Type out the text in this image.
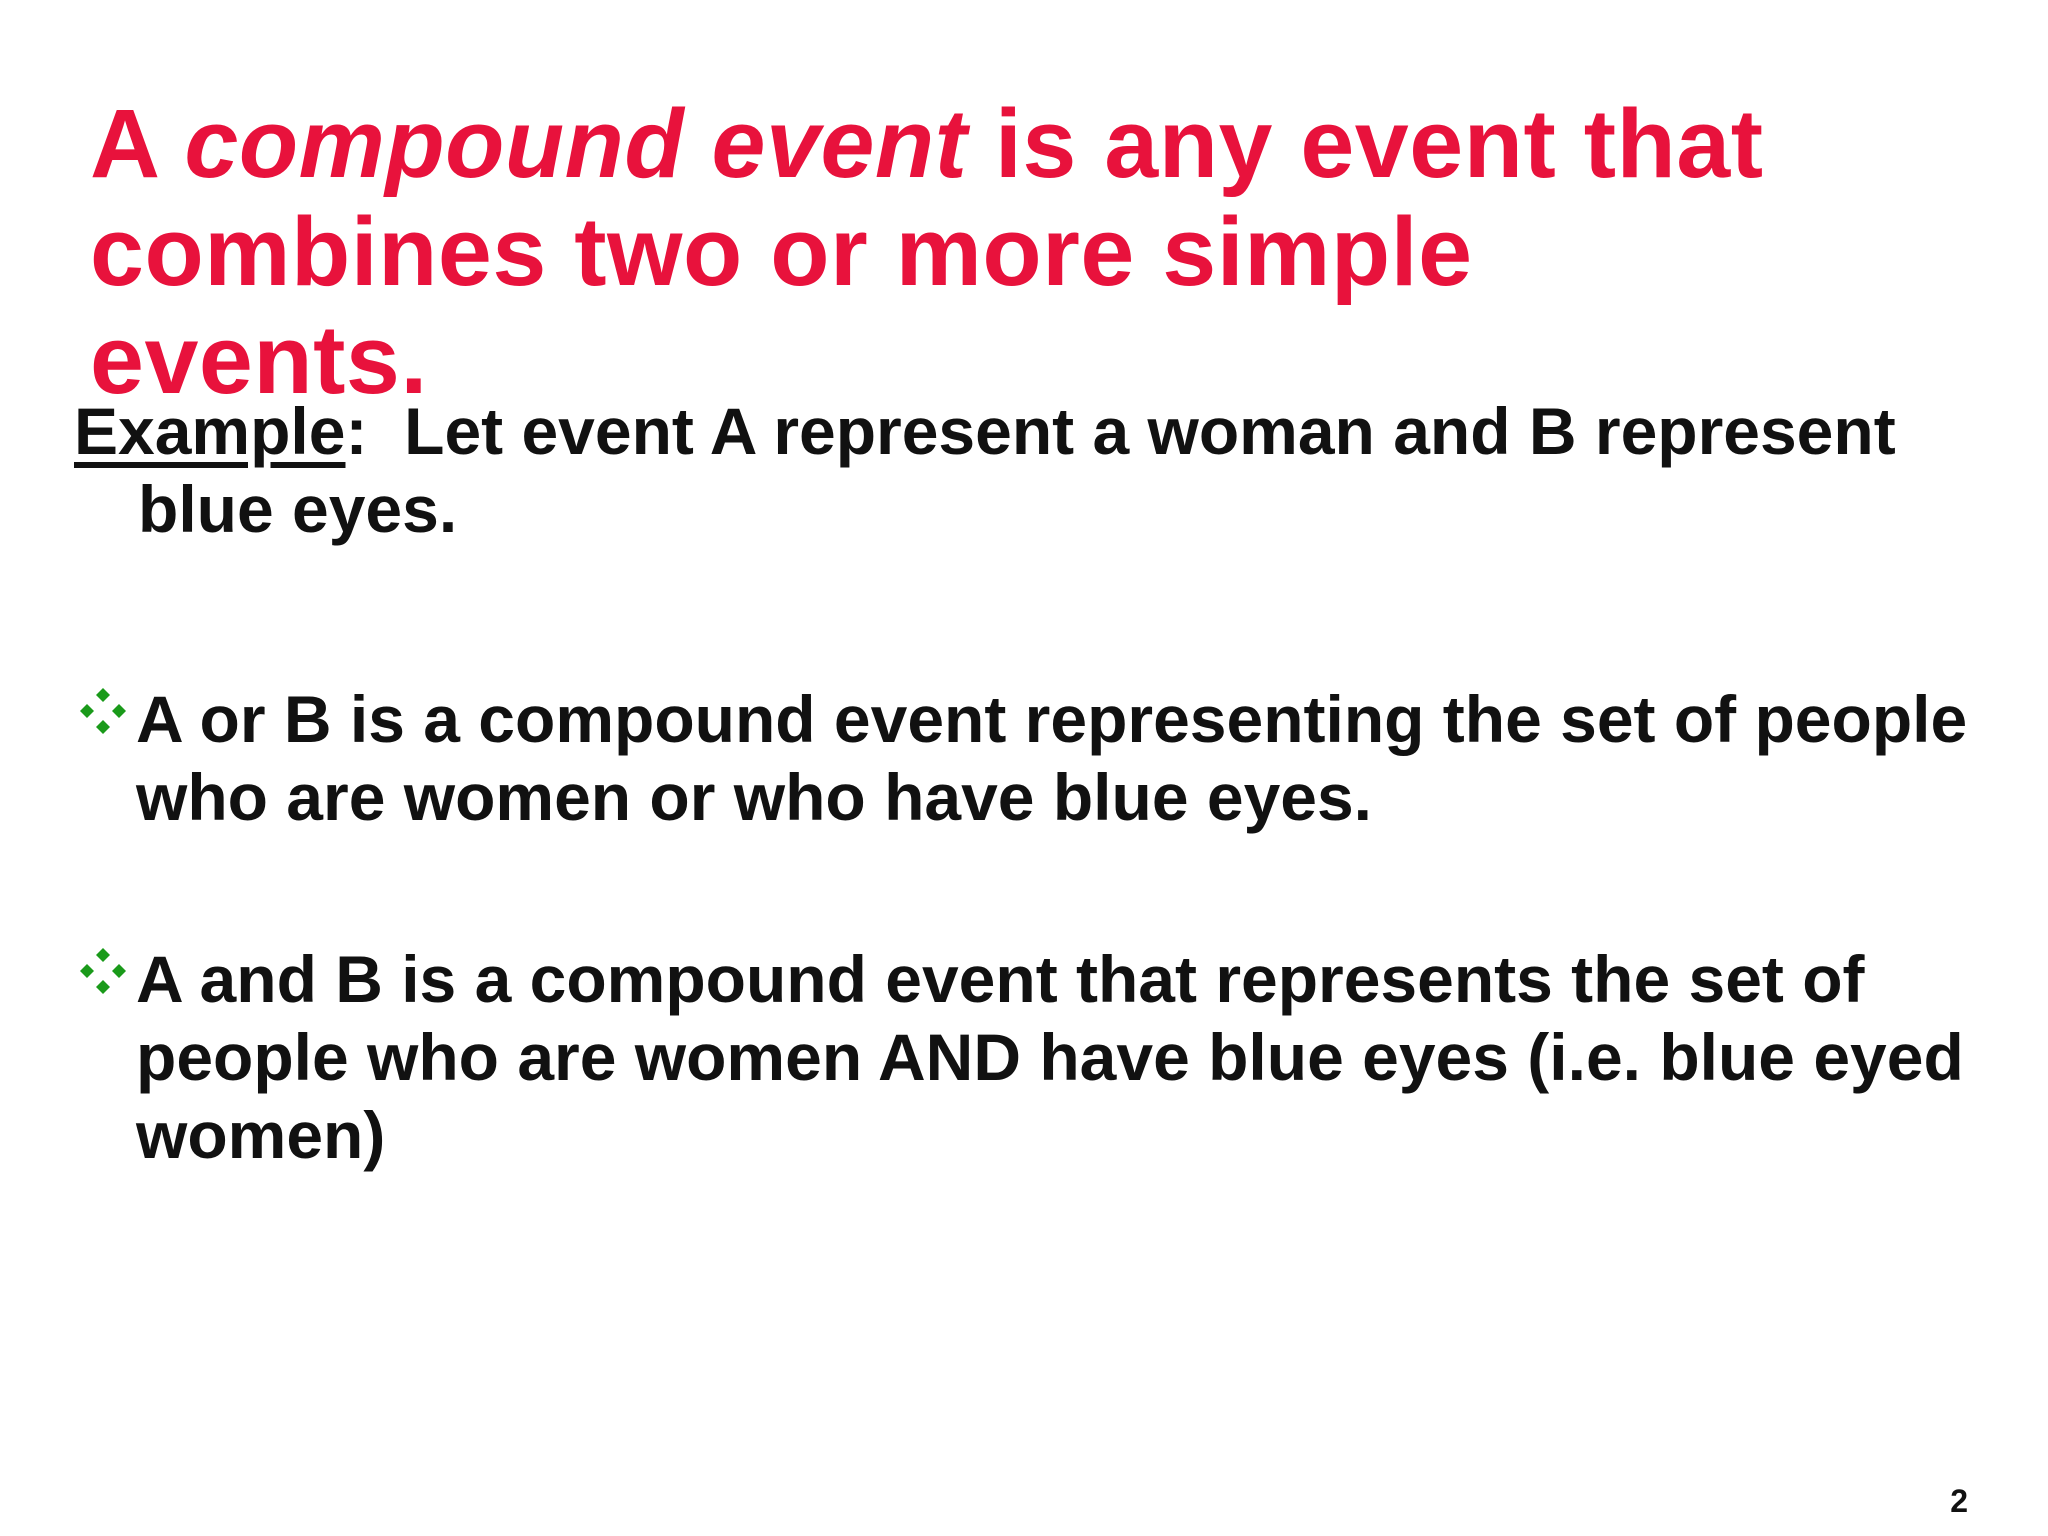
A compound event is any event that combines two or more simple events.
Example:  Let event A represent a woman and B represent
blue eyes.
A or B is a compound event representing the set of people who are women or who have blue eyes.
A and B is a compound event that represents the set of people who are women AND have blue eyes (i.e. blue eyed women)
2
